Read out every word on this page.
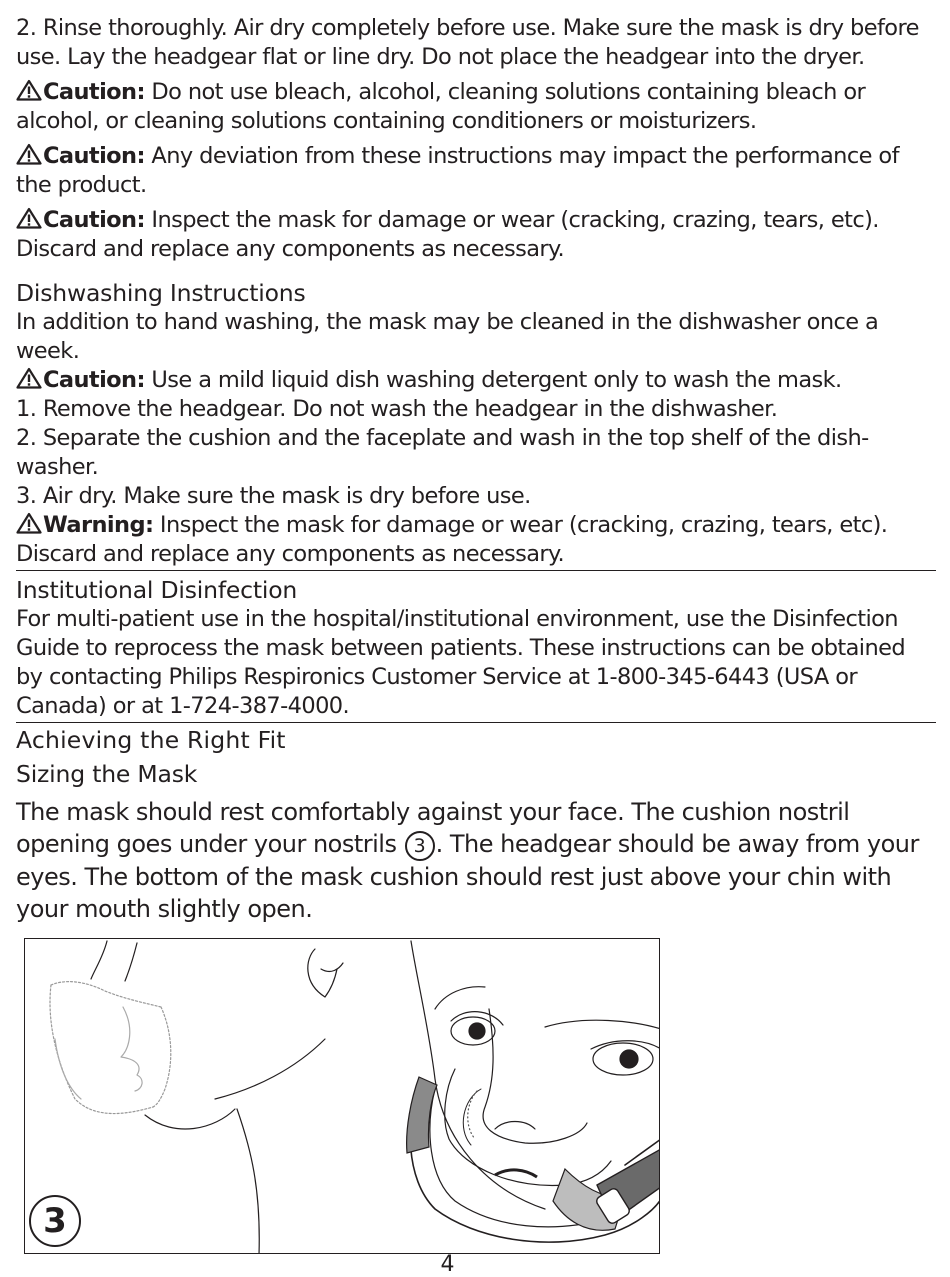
2. Rinse thoroughly. Air dry completely before use. Make sure the mask is dry before use. Lay the headgear flat or line dry. Do not place the headgear into the dryer.

Caution: Do not use bleach, alcohol, cleaning solutions containing bleach or alcohol, or cleaning solutions containing conditioners or moisturizers.

Caution: Any deviation from these instructions may impact the performance of the product.

Caution: Inspect the mask for damage or wear (cracking, crazing, tears, etc). Discard and replace any components as necessary.

Dishwashing Instructions

In addition to hand washing, the mask may be cleaned in the dishwasher once a week.

Caution: Use a mild liquid dish washing detergent only to wash the mask.

1. Remove the headgear. Do not wash the headgear in the dishwasher.

2. Separate the cushion and the faceplate and wash in the top shelf of the dish-washer.

3. Air dry. Make sure the mask is dry before use.

Warning: Inspect the mask for damage or wear (cracking, crazing, tears, etc). Discard and replace any components as necessary.

Institutional Disinfection

For multi-patient use in the hospital/institutional environment, use the Disinfection Guide to reprocess the mask between patients. These instructions can be obtained by contacting Philips Respironics Customer Service at 1-800-345-6443 (USA or Canada) or at 1-724-387-4000.

Achieving the Right Fit
Sizing the Mask

The mask should rest comfortably against your face. The cushion nostril opening goes under your nostrils 3 . The headgear should be away from your eyes. The bottom of the mask cushion should rest just above your chin with your mouth slightly open.

3
4
